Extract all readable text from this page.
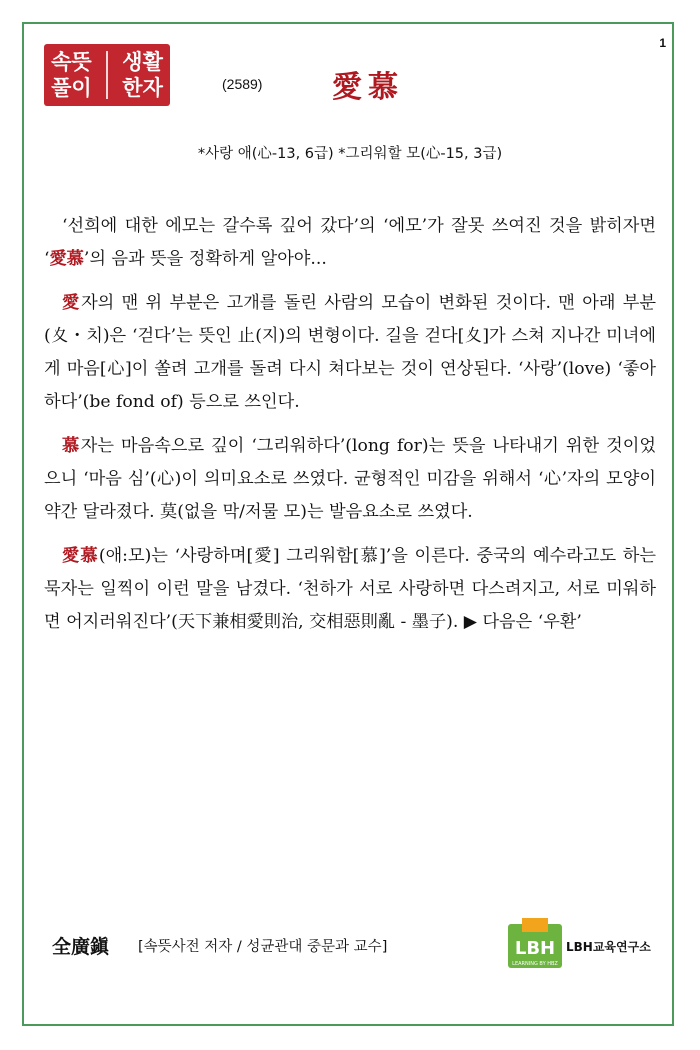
1
속뜻
풀이
생활
한자	(2589) 愛慕
*사랑 애(心-13, 6급) *그리워할 모(心-15, 3급)

‘선희에 대한 에모는 갈수록 깊어 갔다’의 ‘에모’가 잘못 쓰여진 것을 밝히자면 ‘愛慕’의 음과 뜻을 정확하게 알아야...

愛자의 맨 위 부분은 고개를 돌린 사람의 모습이 변화된 것이다. 맨 아래 부분(夊・치)은 ‘걷다’는 뜻인 止(지)의 변형이다. 길을 걷다[夊]가 스쳐 지나간 미녀에게 마음[心]이 쏠려 고개를 돌려 다시 쳐다보는 것이 연상된다. ‘사랑’(love) ‘좋아하다’(be fond of) 등으로 쓰인다.

慕자는 마음속으로 깊이 ‘그리워하다’(long for)는 뜻을 나타내기 위한 것이었으니 ‘마음 심’(心)이 의미요소로 쓰였다. 균형적인 미감을 위해서 ‘心’자의 모양이 약간 달라졌다. 莫(없을 막/저물 모)는 발음요소로 쓰였다.

愛慕(애:모)는 ‘사랑하며[愛] 그리워함[慕]’을 이른다. 중국의 예수라고도 하는 묵자는 일찍이 이런 말을 남겼다. ‘천하가 서로 사랑하면 다스려지고, 서로 미워하면 어지러워진다’(天下兼相愛則治, 交相惡則亂 - 墨子). ▶ 다음은 ‘우환’

全廣鎭 [속뜻사전 저자 / 성균관대 중문과 교수]	LBH
LEARNING BY HBZ
LBH교육연구소
